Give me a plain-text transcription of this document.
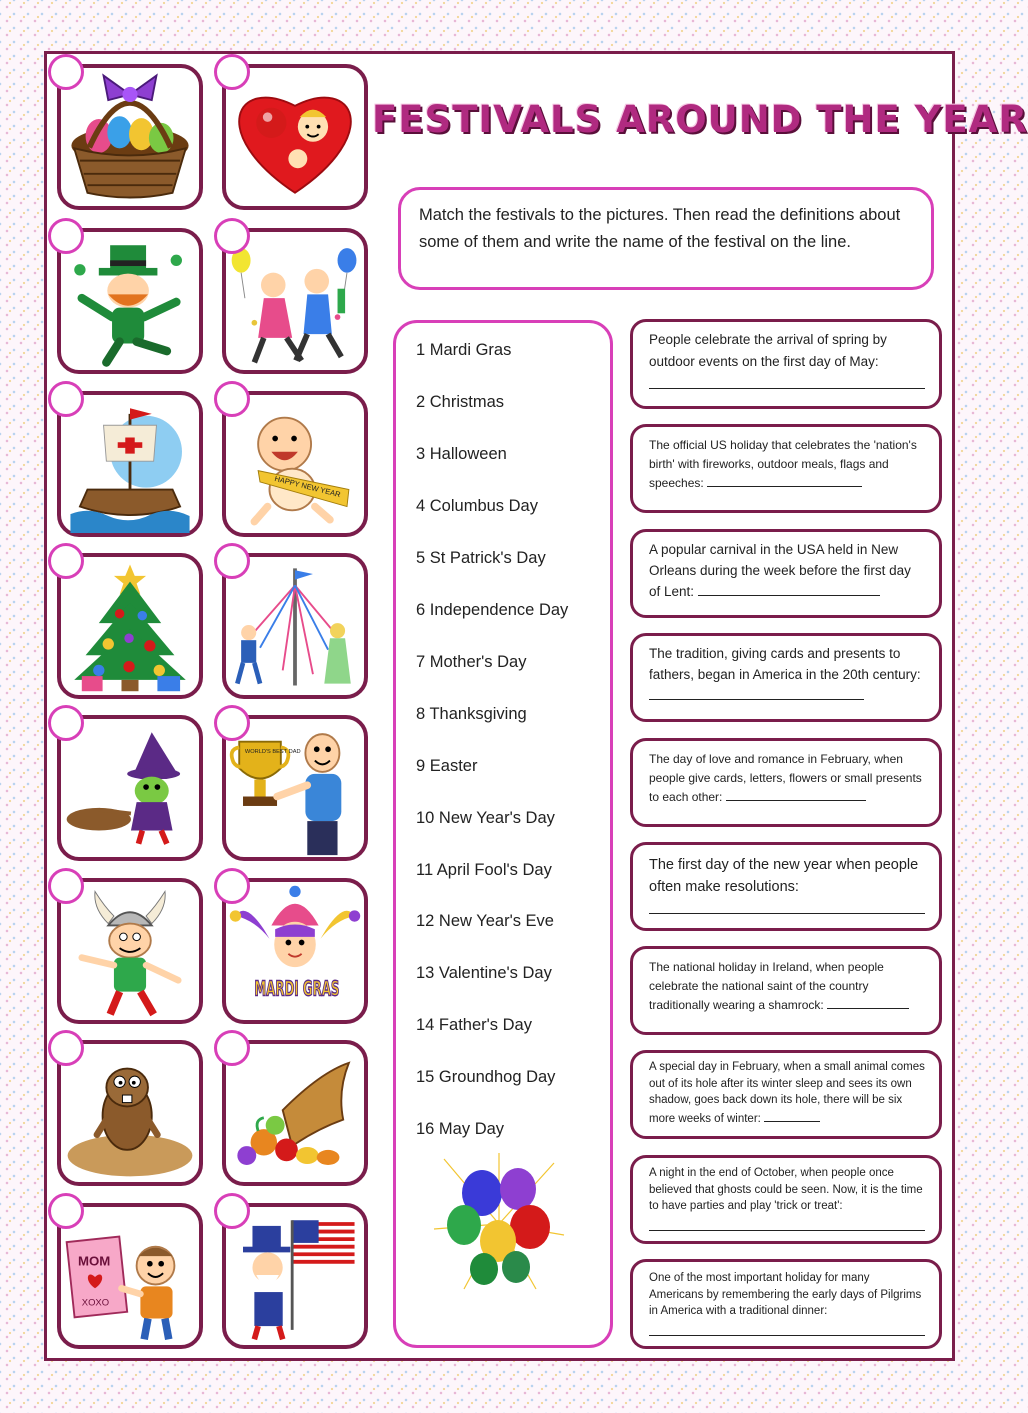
HAPPY NEW YEAR
WORLD'S BEST DAD
MARDI GRAS
MOM
XOXO
FESTIVALS AROUND THE YEAR
Match the festivals to the pictures. Then read the definitions about some of them and write the name of the festival on the line.
1 Mardi Gras
2 Christmas
3 Halloween
4 Columbus Day
5 St Patrick's Day
6 Independence Day
7 Mother's Day
8 Thanksgiving
9 Easter
10 New Year's Day
11 April Fool's Day
12 New Year's Eve
13 Valentine's Day
14 Father's Day
15 Groundhog Day
16 May Day
People celebrate the arrival of spring by outdoor events on the first day of May:
The official US holiday that celebrates the 'nation's birth' with fireworks, outdoor meals, flags and speeches:
A popular carnival in the USA held in New Orleans during the week before the first day of Lent:
The tradition, giving cards and presents to fathers, began in America in the 20th century:
The day of love and romance in February, when people give cards, letters, flowers or small presents to each other:
The first day of the new year when people often make resolutions:
The national holiday in Ireland, when people celebrate the national saint of the country traditionally wearing a shamrock:
A special day in February, when a small animal comes out of its hole after its winter sleep and sees its own shadow, goes back down its hole, there will be six more weeks of winter:
A night in the end of October, when people once believed that ghosts could be seen. Now, it is the time to have parties and play 'trick or treat':
One of the most important holiday for many Americans by remembering the early days of Pilgrims in America with a traditional dinner:
